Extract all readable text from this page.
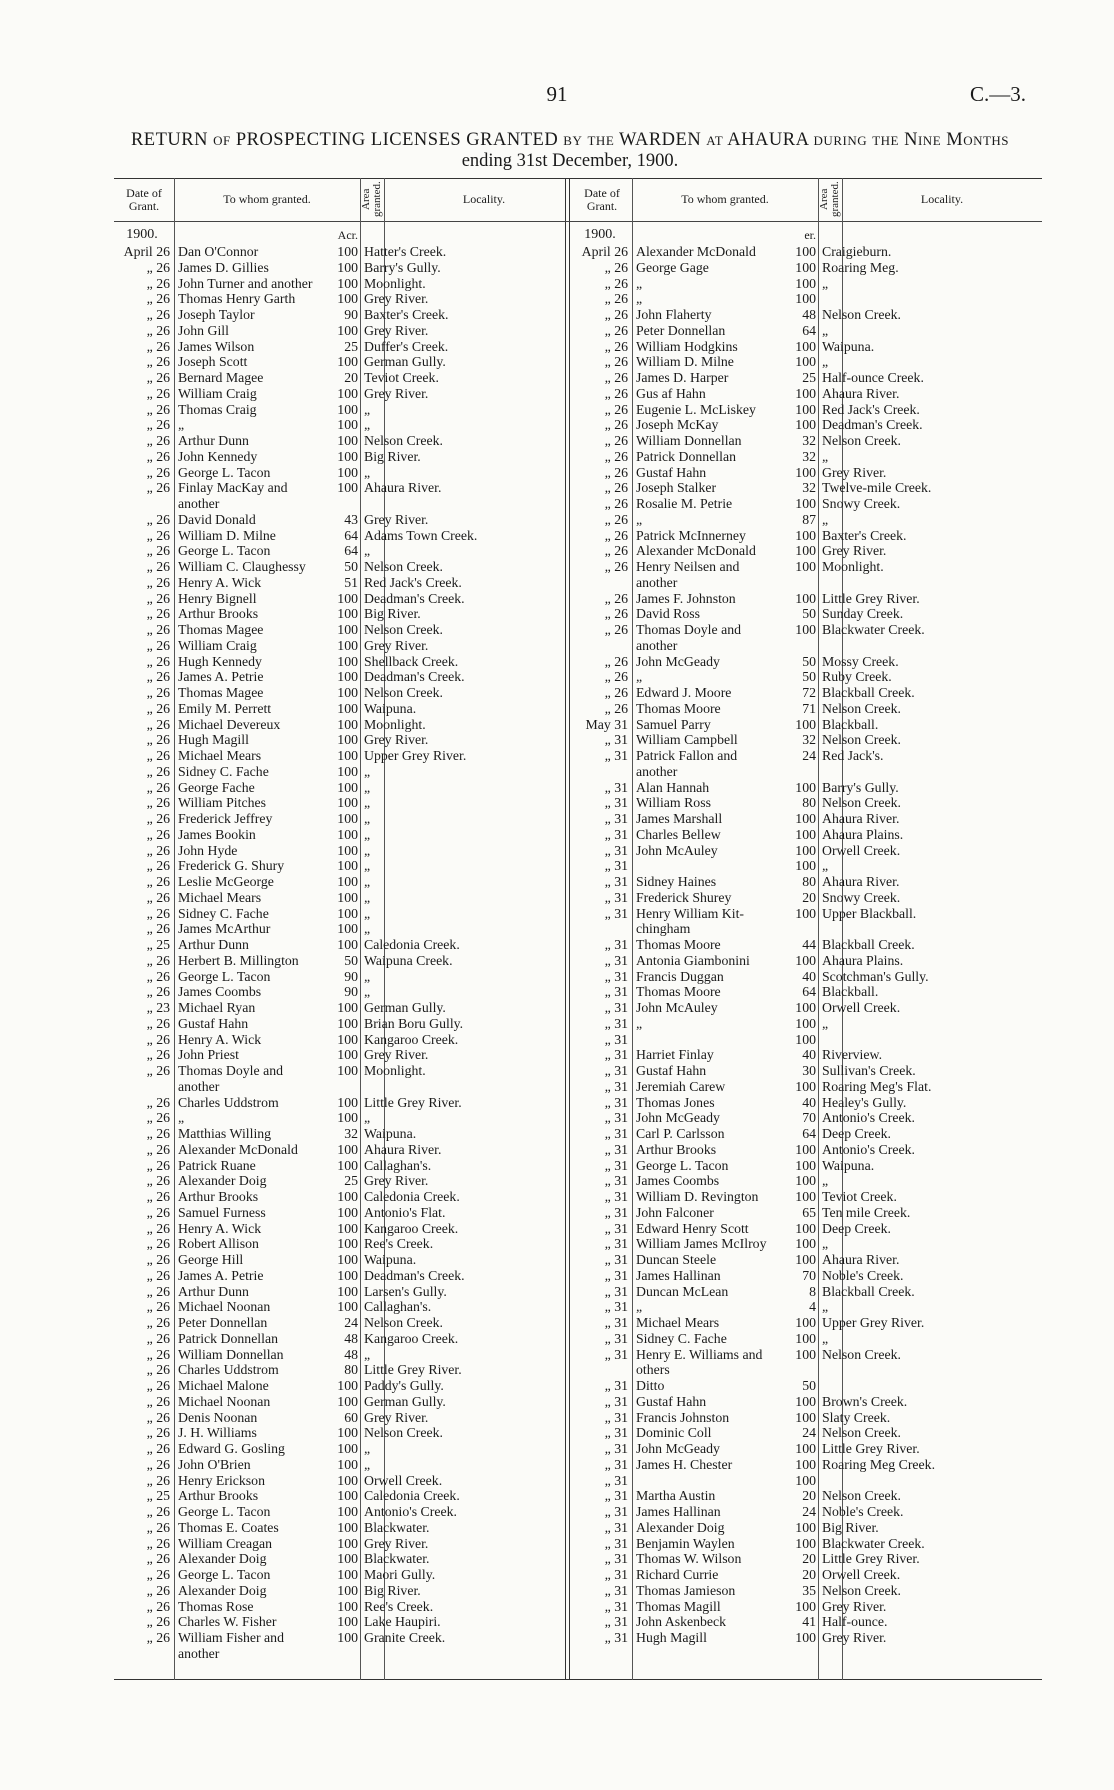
91	C.—3.
RETURN of PROSPECTING LICENSES GRANTED by the WARDEN at AHAURA during the Nine Months
ending 31st December, 1900.
Date of Grant.	To whom granted.	Area granted.	Locality.
1900.	Acr.
April 26 Dan O'Connor	100 Hatter's Creek.
„ 26 James D. Gillies	100 Barry's Gully.
„ 26 John Turner and another	100 Moonlight.
„ 26 Thomas Henry Garth	100 Grey River.
„ 26 Joseph Taylor	90 Baxter's Creek.
„ 26 John Gill	100 Grey River.
„ 26 James Wilson	25 Duffer's Creek.
„ 26 Joseph Scott	100 German Gully.
„ 26 Bernard Magee	20 Teviot Creek.
„ 26 William Craig	100 Grey River.
„ 26 Thomas Craig	100 „
„ 26 „	100 „
„ 26 Arthur Dunn	100 Nelson Creek.
„ 26 John Kennedy	100 Big River.
„ 26 George L. Tacon	100 „
„ 26 Finlay MacKay and	100 Ahaura River.
another
„ 26 David Donald	43 Grey River.
„ 26 William D. Milne	64 Adams Town Creek.
„ 26 George L. Tacon	64 „
„ 26 William C. Claughessy	50 Nelson Creek.
„ 26 Henry A. Wick	51 Red Jack's Creek.
„ 26 Henry Bignell	100 Deadman's Creek.
„ 26 Arthur Brooks	100 Big River.
„ 26 Thomas Magee	100 Nelson Creek.
„ 26 William Craig	100 Grey River.
„ 26 Hugh Kennedy	100 Shellback Creek.
„ 26 James A. Petrie	100 Deadman's Creek.
„ 26 Thomas Magee	100 Nelson Creek.
„ 26 Emily M. Perrett	100 Waipuna.
„ 26 Michael Devereux	100 Moonlight.
„ 26 Hugh Magill	100 Grey River.
„ 26 Michael Mears	100 Upper Grey River.
„ 26 Sidney C. Fache	100 „
„ 26 George Fache	100 „
„ 26 William Pitches	100 „
„ 26 Frederick Jeffrey	100 „
„ 26 James Bookin	100 „
„ 26 John Hyde	100 „
„ 26 Frederick G. Shury	100 „
„ 26 Leslie McGeorge	100 „
„ 26 Michael Mears	100 „
„ 26 Sidney C. Fache	100 „
„ 26 James McArthur	100 „
„ 25 Arthur Dunn	100 Caledonia Creek.
„ 26 Herbert B. Millington	50 Waipuna Creek.
„ 26 George L. Tacon	90 „
„ 26 James Coombs	90 „
„ 23 Michael Ryan	100 German Gully.
„ 26 Gustaf Hahn	100 Brian Boru Gully.
„ 26 Henry A. Wick	100 Kangaroo Creek.
„ 26 John Priest	100 Grey River.
„ 26 Thomas Doyle and	100 Moonlight.
another
„ 26 Charles Uddstrom	100 Little Grey River.
„ 26 „	100 „
„ 26 Matthias Willing	32 Waipuna.
„ 26 Alexander McDonald	100 Ahaura River.
„ 26 Patrick Ruane	100 Callaghan's.
„ 26 Alexander Doig	25 Grey River.
„ 26 Arthur Brooks	100 Caledonia Creek.
„ 26 Samuel Furness	100 Antonio's Flat.
„ 26 Henry A. Wick	100 Kangaroo Creek.
„ 26 Robert Allison	100 Ree's Creek.
„ 26 George Hill	100 Waipuna.
„ 26 James A. Petrie	100 Deadman's Creek.
„ 26 Arthur Dunn	100 Larsen's Gully.
„ 26 Michael Noonan	100 Callaghan's.
„ 26 Peter Donnellan	24 Nelson Creek.
„ 26 Patrick Donnellan	48 Kangaroo Creek.
„ 26 William Donnellan	48 „
„ 26 Charles Uddstrom	80 Little Grey River.
„ 26 Michael Malone	100 Paddy's Gully.
„ 26 Michael Noonan	100 German Gully.
„ 26 Denis Noonan	60 Grey River.
„ 26 J. H. Williams	100 Nelson Creek.
„ 26 Edward G. Gosling	100 „
„ 26 John O'Brien	100 „
„ 26 Henry Erickson	100 Orwell Creek.
„ 25 Arthur Brooks	100 Caledonia Creek.
„ 26 George L. Tacon	100 Antonio's Creek.
„ 26 Thomas E. Coates	100 Blackwater.
„ 26 William Creagan	100 Grey River.
„ 26 Alexander Doig	100 Blackwater.
„ 26 George L. Tacon	100 Maori Gully.
„ 26 Alexander Doig	100 Big River.
„ 26 Thomas Rose	100 Ree's Creek.
„ 26 Charles W. Fisher	100 Lake Haupiri.
„ 26 William Fisher and	100 Granite Creek.
another
Date of Grant.	To whom granted.	Area granted.	Locality.
1900.	er.
April 26 Alexander McDonald	100 Craigieburn.
„ 26 George Gage	100 Roaring Meg.
„ 26 „	100 „
„ 26 „	100
„ 26 John Flaherty	48 Nelson Creek.
„ 26 Peter Donnellan	64 „
„ 26 William Hodgkins	100 Waipuna.
„ 26 William D. Milne	100 „
„ 26 James D. Harper	25 Half-ounce Creek.
„ 26 Gus af Hahn	100 Ahaura River.
„ 26 Eugenie L. McLiskey	100 Red Jack's Creek.
„ 26 Joseph McKay	100 Deadman's Creek.
„ 26 William Donnellan	32 Nelson Creek.
„ 26 Patrick Donnellan	32 „
„ 26 Gustaf Hahn	100 Grey River.
„ 26 Joseph Stalker	32 Twelve-mile Creek.
„ 26 Rosalie M. Petrie	100 Snowy Creek.
„ 26 „	87 „
„ 26 Patrick McInnerney	100 Baxter's Creek.
„ 26 Alexander McDonald	100 Grey River.
„ 26 Henry Neilsen and	100 Moonlight.
another
„ 26 James F. Johnston	100 Little Grey River.
„ 26 David Ross	50 Sunday Creek.
„ 26 Thomas Doyle and	100 Blackwater Creek.
another
„ 26 John McGeady	50 Mossy Creek.
„ 26 „	50 Ruby Creek.
„ 26 Edward J. Moore	72 Blackball Creek.
„ 26 Thomas Moore	71 Nelson Creek.
May 31 Samuel Parry	100 Blackball.
„ 31 William Campbell	32 Nelson Creek.
„ 31 Patrick Fallon and	24 Red Jack's.
another
„ 31 Alan Hannah	100 Barry's Gully.
„ 31 William Ross	80 Nelson Creek.
„ 31 James Marshall	100 Ahaura River.
„ 31 Charles Bellew	100 Ahaura Plains.
„ 31 John McAuley	100 Orwell Creek.
„ 31	100 „
„ 31 Sidney Haines	80 Ahaura River.
„ 31 Frederick Shurey	20 Snowy Creek.
„ 31 Henry William Kit-	100 Upper Blackball.
chingham
„ 31 Thomas Moore	44 Blackball Creek.
„ 31 Antonia Giambonini	100 Ahaura Plains.
„ 31 Francis Duggan	40 Scotchman's Gully.
„ 31 Thomas Moore	64 Blackball.
„ 31 John McAuley	100 Orwell Creek.
„ 31 „	100 „
„ 31	100
„ 31 Harriet Finlay	40 Riverview.
„ 31 Gustaf Hahn	30 Sullivan's Creek.
„ 31 Jeremiah Carew	100 Roaring Meg's Flat.
„ 31 Thomas Jones	40 Healey's Gully.
„ 31 John McGeady	70 Antonio's Creek.
„ 31 Carl P. Carlsson	64 Deep Creek.
„ 31 Arthur Brooks	100 Antonio's Creek.
„ 31 George L. Tacon	100 Waipuna.
„ 31 James Coombs	100 „
„ 31 William D. Revington	100 Teviot Creek.
„ 31 John Falconer	65 Ten mile Creek.
„ 31 Edward Henry Scott	100 Deep Creek.
„ 31 William James McIlroy	100 „
„ 31 Duncan Steele	100 Ahaura River.
„ 31 James Hallinan	70 Noble's Creek.
„ 31 Duncan McLean	8 Blackball Creek.
„ 31 „	4 „
„ 31 Michael Mears	100 Upper Grey River.
„ 31 Sidney C. Fache	100 „
„ 31 Henry E. Williams and	100 Nelson Creek.
others
„ 31 Ditto	50
„ 31 Gustaf Hahn	100 Brown's Creek.
„ 31 Francis Johnston	100 Slaty Creek.
„ 31 Dominic Coll	24 Nelson Creek.
„ 31 John McGeady	100 Little Grey River.
„ 31 James H. Chester	100 Roaring Meg Creek.
„ 31	100
„ 31 Martha Austin	20 Nelson Creek.
„ 31 James Hallinan	24 Noble's Creek.
„ 31 Alexander Doig	100 Big River.
„ 31 Benjamin Waylen	100 Blackwater Creek.
„ 31 Thomas W. Wilson	20 Little Grey River.
„ 31 Richard Currie	20 Orwell Creek.
„ 31 Thomas Jamieson	35 Nelson Creek.
„ 31 Thomas Magill	100 Grey River.
„ 31 John Askenbeck	41 Half-ounce.
„ 31 Hugh Magill	100 Grey River.
